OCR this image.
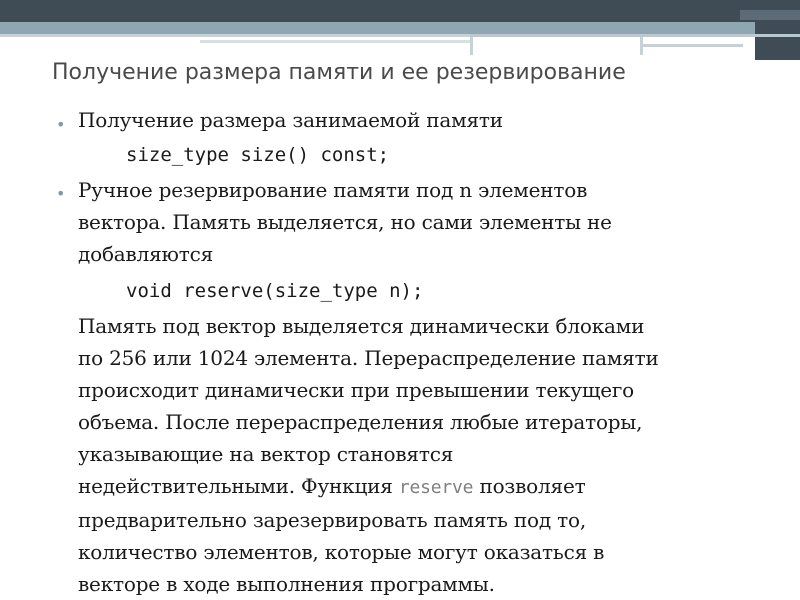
Получение размера памяти и ее резервирование
• Получение размера занимаемой памяти
size_type size() const;
• Ручное резервирование памяти под n элементов
вектора. Память выделяется, но сами элементы не
добавляются
void reserve(size_type n);
Память под вектор выделяется динамически блоками
по 256 или 1024 элемента. Перераспределение памяти
происходит динамически при превышении текущего
объема. После перераспределения любые итераторы,
указывающие на вектор становятся
недействительными. Функция reserve позволяет
предварительно зарезервировать память под то,
количество элементов, которые могут оказаться в
векторе в ходе выполнения программы.
